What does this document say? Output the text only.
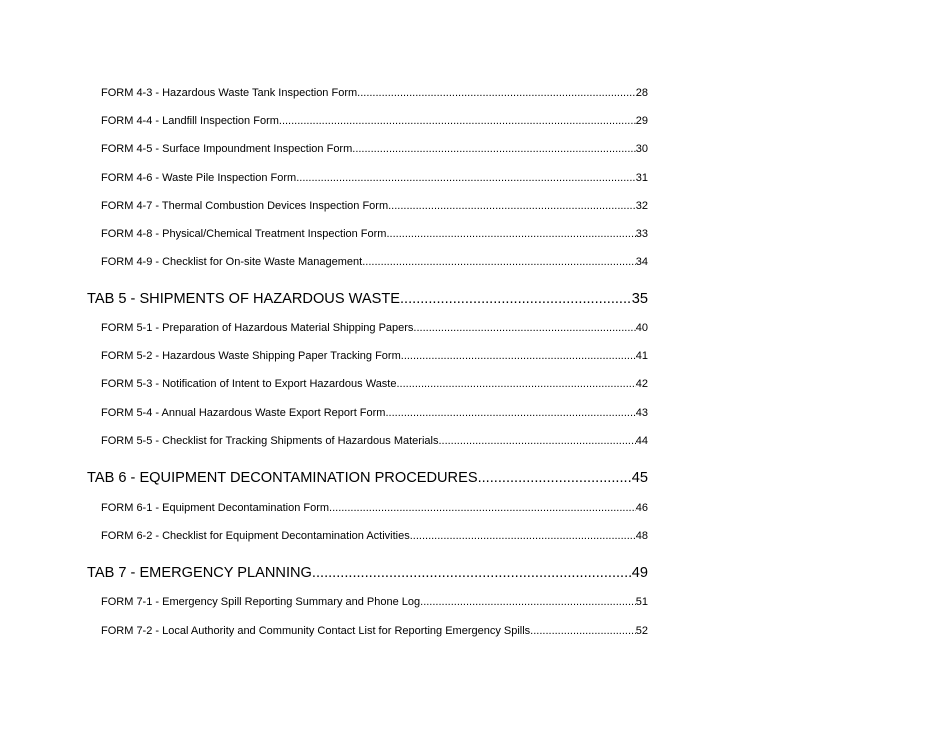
FORM 4-3 - Hazardous Waste Tank Inspection Form .....	28
FORM 4-4 - Landfill Inspection Form .....	29
FORM 4-5 - Surface Impoundment Inspection Form .....	30
FORM 4-6 - Waste Pile Inspection Form .....	31
FORM 4-7 - Thermal Combustion Devices Inspection Form .....	32
FORM 4-8 - Physical/Chemical Treatment Inspection Form .....	33
FORM 4-9 - Checklist for On-site Waste Management .....	34
TAB 5 - SHIPMENTS OF HAZARDOUS WASTE .....	35
FORM 5-1 - Preparation of Hazardous Material Shipping Papers .....	40
FORM 5-2 - Hazardous Waste Shipping Paper Tracking Form .....	41
FORM 5-3 - Notification of Intent to Export Hazardous Waste .....	42
FORM 5-4 - Annual Hazardous Waste Export Report Form .....	43
FORM 5-5 - Checklist for Tracking Shipments of Hazardous Materials .....	44
TAB 6 - EQUIPMENT DECONTAMINATION PROCEDURES .....	45
FORM 6-1 - Equipment Decontamination Form .....	46
FORM 6-2 - Checklist for Equipment Decontamination Activities .....	48
TAB 7 - EMERGENCY PLANNING .....	49
FORM 7-1 - Emergency Spill Reporting Summary and Phone Log .....	51
FORM 7-2 - Local Authority and Community Contact List for Reporting Emergency Spills .....	52
